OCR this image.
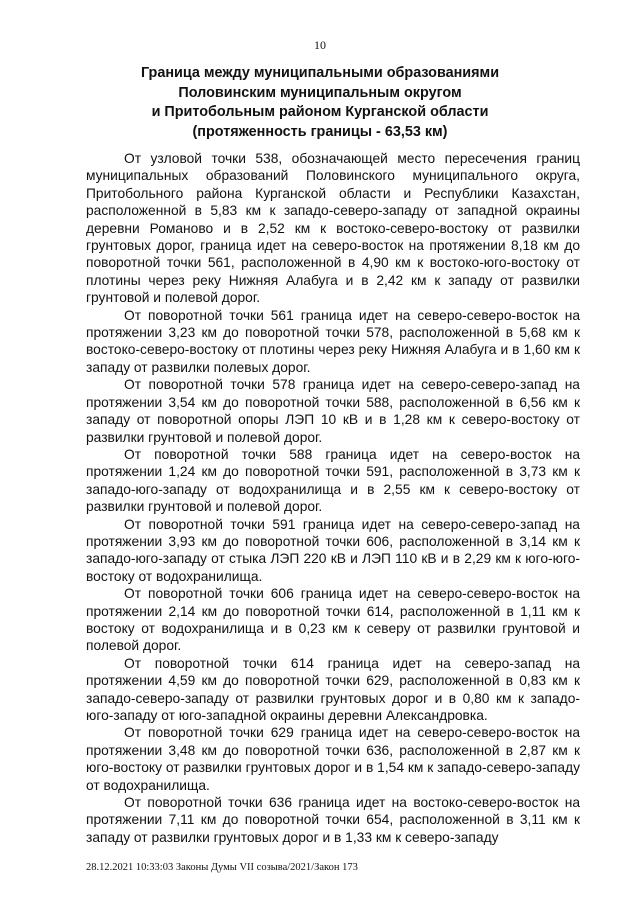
10
Граница между муниципальными образованиями
Половинским муниципальным округом
и Притобольным районом Курганской области
(протяженность границы - 63,53 км)

От узловой точки 538, обозначающей место пересечения границ муниципальных образований Половинского муниципального округа, Притобольного района Курганской области и Республики Казахстан, расположенной в 5,83 км к западо-северо-западу от западной окраины деревни Романово и в 2,52 км к востоко-северо-востоку от развилки грунтовых дорог, граница идет на северо-восток на протяжении 8,18 км до поворотной точки 561, расположенной в 4,90 км к востоко-юго-востоку от плотины через реку Нижняя Алабуга и в 2,42 км к западу от развилки грунтовой и полевой дорог.

От поворотной точки 561 граница идет на северо-северо-восток на протяжении 3,23 км до поворотной точки 578, расположенной в 5,68 км к востоко-северо-востоку от плотины через реку Нижняя Алабуга и в 1,60 км к западу от развилки полевых дорог.

От поворотной точки 578 граница идет на северо-северо-запад на протяжении 3,54 км до поворотной точки 588, расположенной в 6,56 км к западу от поворотной опоры ЛЭП 10 кВ и в 1,28 км к северо-востоку от развилки грунтовой и полевой дорог.

От поворотной точки 588 граница идет на северо-восток на протяжении 1,24 км до поворотной точки 591, расположенной в 3,73 км к западо-юго-западу от водохранилища и в 2,55 км к северо-востоку от развилки грунтовой и полевой дорог.

От поворотной точки 591 граница идет на северо-северо-запад на протяжении 3,93 км до поворотной точки 606, расположенной в 3,14 км к западо-юго-западу от стыка ЛЭП 220 кВ и ЛЭП 110 кВ и в 2,29 км к юго-юго-востоку от водохранилища.

От поворотной точки 606 граница идет на северо-северо-восток на протяжении 2,14 км до поворотной точки 614, расположенной в 1,11 км к востоку от водохранилища и в 0,23 км к северу от развилки грунтовой и полевой дорог.

От поворотной точки 614 граница идет на северо-запад на протяжении 4,59 км до поворотной точки 629, расположенной в 0,83 км к западо-северо-западу от развилки грунтовых дорог и в 0,80 км к западо-юго-западу от юго-западной окраины деревни Александровка.

От поворотной точки 629 граница идет на северо-северо-восток на протяжении 3,48 км до поворотной точки 636, расположенной в 2,87 км к юго-востоку от развилки грунтовых дорог и в 1,54 км к западо-северо-западу от водохранилища.

От поворотной точки 636 граница идет на востоко-северо-восток на протяжении 7,11 км до поворотной точки 654, расположенной в 3,11 км к западу от развилки грунтовых дорог и в 1,33 км к северо-западу

28.12.2021 10:33:03 Законы Думы VII созыва/2021/Закон 173
